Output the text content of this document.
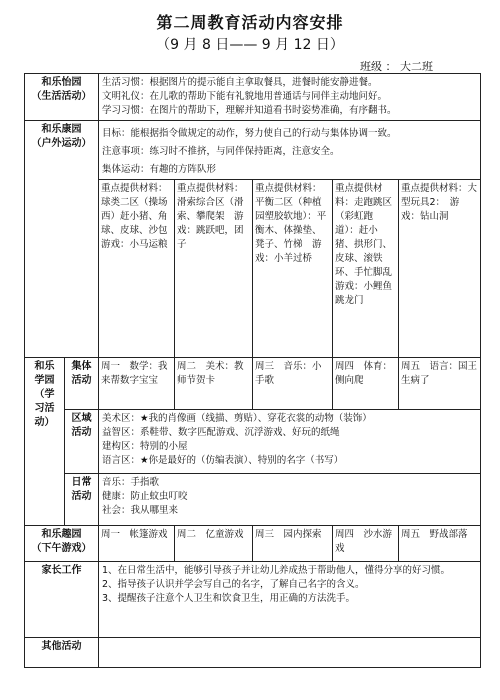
第二周教育活动内容安排
（9 月 8 日—— 9 月 12 日）
班级 ： 大二班
和乐怡园
（生活活动）		生活习惯：根据图片的提示能自主拿取餐具，进餐时能安静进餐。
文明礼仪：在儿歌的帮助下能有礼貌地用普通话与同伴主动地问好。
学习习惯：在图片的帮助下，理解并知道看书时姿势准确，有序翻书。				

和乐康园
（户外运动）		目标：能根据指令做规定的动作，努力使自己的行动与集体协调一致。
注意事项：练习时不推挤，与同伴保持距离，注意安全。
集体运动：有趣的方阵队形				

		重点提供材料：球类二区（操场西）赶小猪、角球、皮球、沙包　游戏：小马运粮	重点提供材料：滑索综合区（滑索、攀爬架　游戏：跳跃吧，团子	重点提供材料：平衡二区（种植园塑胶软地）：平衡木、体操垫、凳子、竹梯　游戏：小羊过桥	重点提供材料：走跑跳区（彩虹跑道）：赶小猪、拱形门、皮球、滚铁环、手忙脚乱　游戏：小鲤鱼跳龙门	重点提供材料：大型玩具2：　游戏：钻山洞

和乐
学园
（学
习活
动）	集体
活动	周一　数学：我来帮数字宝宝	周二　美术：教师节贺卡	周三　音乐：小手歌	周四　体育：侧向爬	周五　语言：国王生病了

	区域
活动	美术区：★我的肖像画（线描、剪贴）、穿花衣裳的动物（装饰）
益智区：系鞋带、数字匹配游戏、沉浮游戏、好玩的纸绳
建构区：特别的小屋
语言区：★你是最好的（仿编表演）、特别的名字（书写）				

	日常
活动	音乐：手指歌
健康：防止蚊虫叮咬
社会：我从哪里来				

和乐趣园
（下午游戏）		周一　帐篷游戏	周二　亿童游戏	周三　园内探索	周四　沙水游戏	周五　野战部落

家长工作		1、在日常生活中，能够引导孩子并让幼儿养成热于帮助他人，懂得分享的好习惯。
2、指导孩子认识并学会写自己的名字，了解自己名字的含义。
3、提醒孩子注意个人卫生和饮食卫生，用正确的方法洗手。				

其他活动						
